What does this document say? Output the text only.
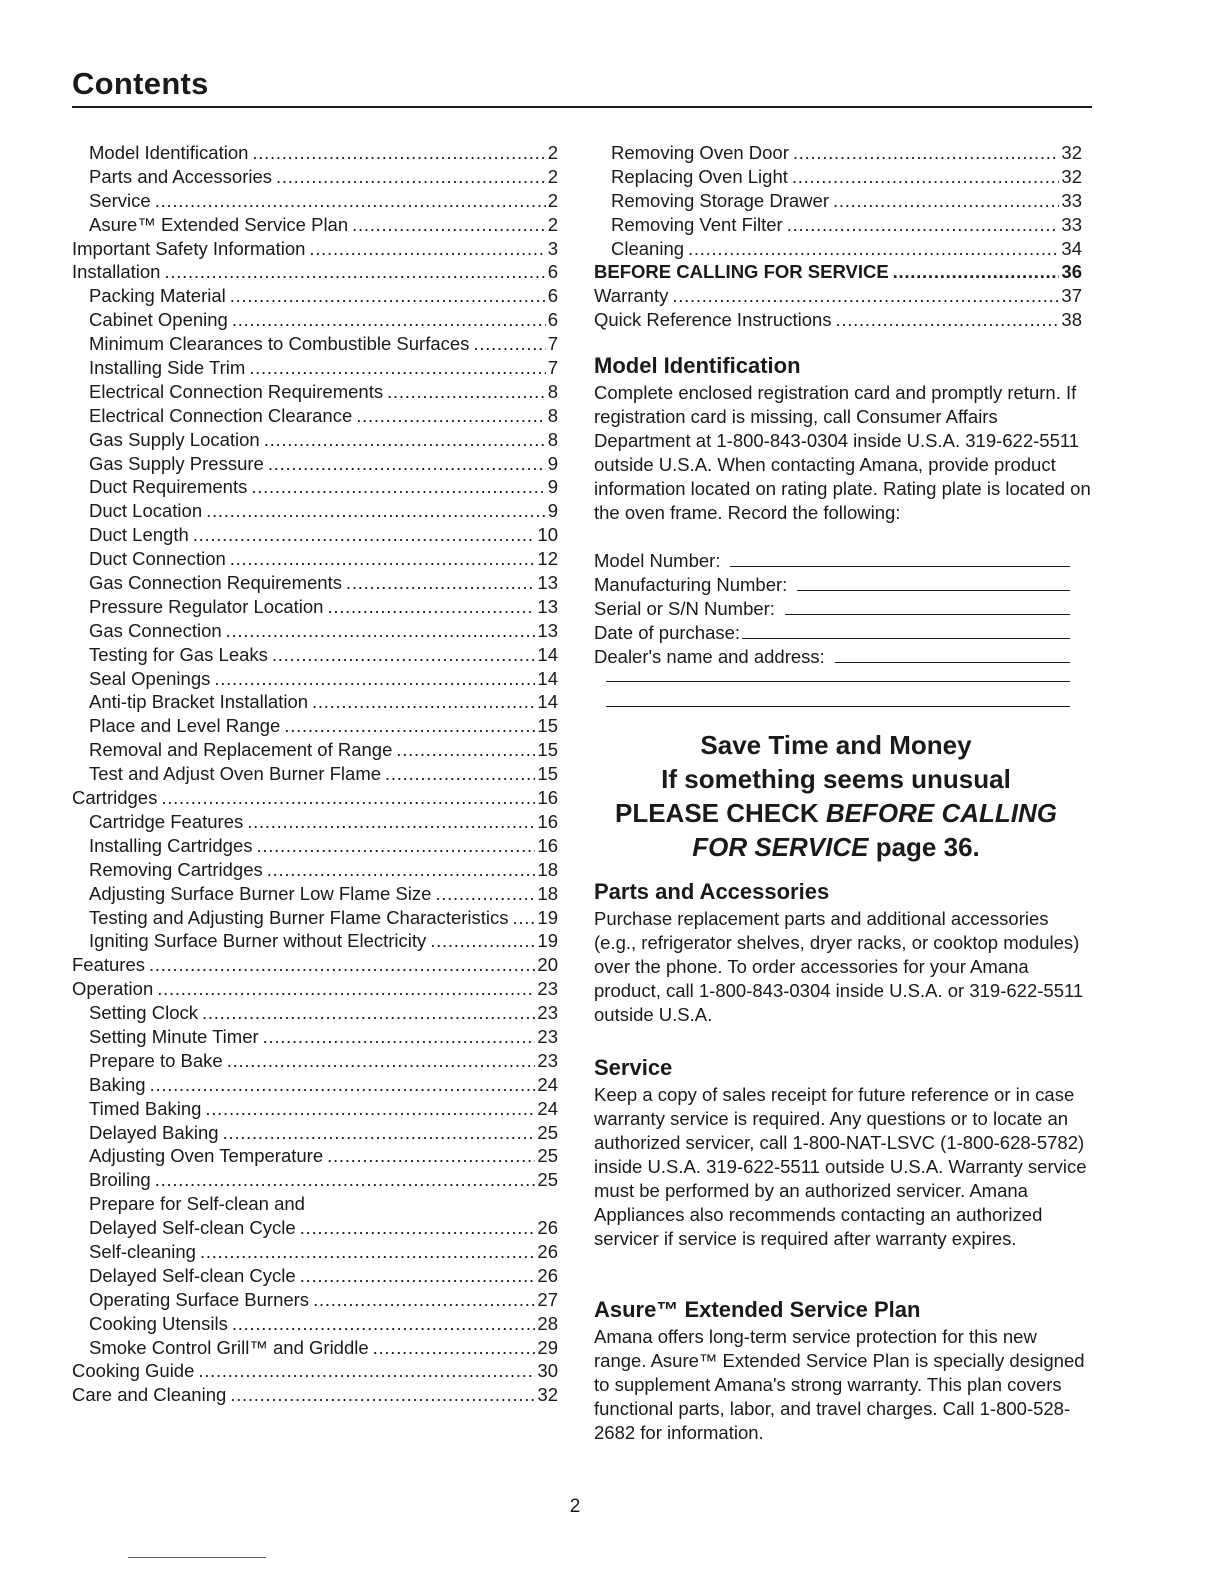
Contents
Model Identification . . .	2
Parts and Accessories . . .	2
Service . . .	2
Asure™ Extended Service Plan . . .	2
Important Safety Information . . .	3
Installation . . .	6
Packing Material . . .	6
Cabinet Opening . . .	6
Minimum Clearances to Combustible Surfaces . . .	7
Installing Side Trim . . .	7
Electrical Connection Requirements . . .	8
Electrical Connection Clearance . . .	8
Gas Supply Location . . .	8
Gas Supply Pressure . . .	9
Duct Requirements . . .	9
Duct Location . . .	9
Duct Length . . .	10
Duct Connection . . .	12
Gas Connection Requirements . . .	13
Pressure Regulator Location . . .	13
Gas Connection . . .	13
Testing for Gas Leaks . . .	14
Seal Openings . . .	14
Anti-tip Bracket Installation . . .	14
Place and Level Range . . .	15
Removal and Replacement of Range . . .	15
Test and Adjust Oven Burner Flame . . .	15
Cartridges . . .	16
Cartridge Features . . .	16
Installing Cartridges . . .	16
Removing Cartridges . . .	18
Adjusting Surface Burner Low Flame Size . . .	18
Testing and Adjusting Burner Flame Characteristics . . . 19
Igniting Surface Burner without Electricity . . .	19
Features . . .	20
Operation . . .	23
Setting Clock . . .	23
Setting Minute Timer . . .	23
Prepare to Bake . . .	23
Baking . . .	24
Timed Baking . . .	24
Delayed Baking . . .	25
Adjusting Oven Temperature . . .	25
Broiling . . .	25
Prepare for Self-clean and
Delayed Self-clean Cycle . . .	26
Self-cleaning . . .	26
Delayed Self-clean Cycle . . .	26
Operating Surface Burners . . .	27
Cooking Utensils . . .	28
Smoke Control Grill™ and Griddle . . .	29
Cooking Guide . . .	30
Care and Cleaning . . .	32
Removing Oven Door . . .	32
Replacing Oven Light . . .	32
Removing Storage Drawer . . .	33
Removing Vent Filter . . .	33
Cleaning . . .	34
BEFORE CALLING FOR SERVICE . . .	36
Warranty . . .	37
Quick Reference Instructions . . .	38
Model Identification

Complete enclosed registration card and promptly return. If registration card is missing, call Consumer Affairs Department at 1-800-843-0304 inside U.S.A. 319-622-5511 outside U.S.A. When contacting Amana, provide product information located on rating plate. Rating plate is located on the oven frame. Record the following:

Model Number:
Manufacturing Number:
Serial or S/N Number:
Date of purchase:
Dealer's name and address:
Save Time and Money
If something seems unusual
PLEASE CHECK BEFORE CALLING
FOR SERVICE page 36.
Parts and Accessories

Purchase replacement parts and additional accessories (e.g., refrigerator shelves, dryer racks, or cooktop modules) over the phone. To order accessories for your Amana product, call 1-800-843-0304 inside U.S.A. or 319-622-5511 outside U.S.A.

Service

Keep a copy of sales receipt for future reference or in case warranty service is required. Any questions or to locate an authorized servicer, call 1-800-NAT-LSVC (1-800-628-5782) inside U.S.A. 319-622-5511 outside U.S.A. Warranty service must be performed by an authorized servicer. Amana Appliances also recommends contacting an authorized servicer if service is required after warranty expires.

Asure™ Extended Service Plan

Amana offers long-term service protection for this new range. Asure™ Extended Service Plan is specially designed to supplement Amana's strong warranty. This plan covers functional parts, labor, and travel charges. Call 1-800-528-2682 for information.

2
